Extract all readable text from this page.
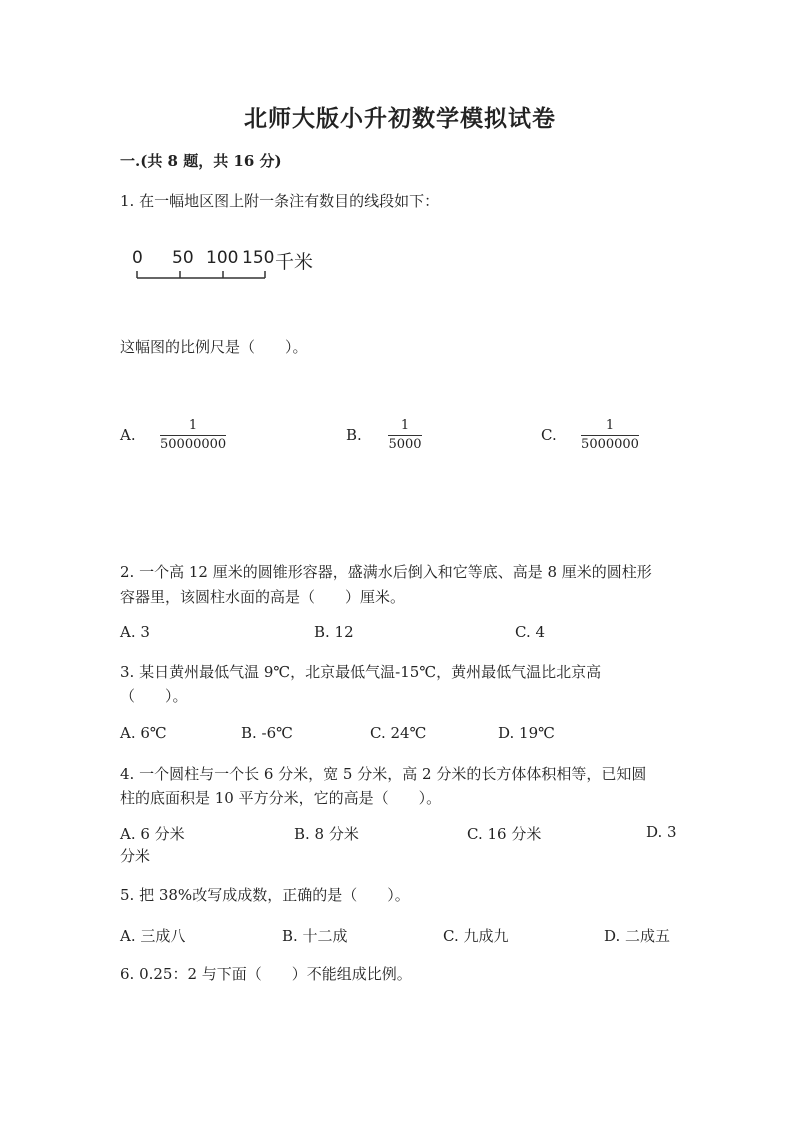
北师大版小升初数学模拟试卷
一.(共 8 题，共 16 分)
1. 在一幅地区图上附一条注有数目的线段如下：
0 50 100 150 千米
这幅图的比例尺是（　　）。
A.
1
50000000
B.
1
5000
C.
1
5000000
2. 一个高 12 厘米的圆锥形容器，盛满水后倒入和它等底、高是 8 厘米的圆柱形
容器里，该圆柱水面的高是（　　）厘米。
A. 3	B. 12	C. 4
3. 某日黄州最低气温 9℃，北京最低气温-15℃，黄州最低气温比北京高
（　　）。
A. 6℃	B. -6℃	C. 24℃	D. 19℃
4. 一个圆柱与一个长 6 分米，宽 5 分米，高 2 分米的长方体体积相等，已知圆
柱的底面积是 10 平方分米，它的高是（　　）。
A. 6 分米	B. 8 分米	C. 16 分米	D. 3
分米
5. 把 38%改写成成数，正确的是（　　）。
A. 三成八	B. 十二成	C. 九成九	D. 二成五
6. 0.25：2 与下面（　　）不能组成比例。
